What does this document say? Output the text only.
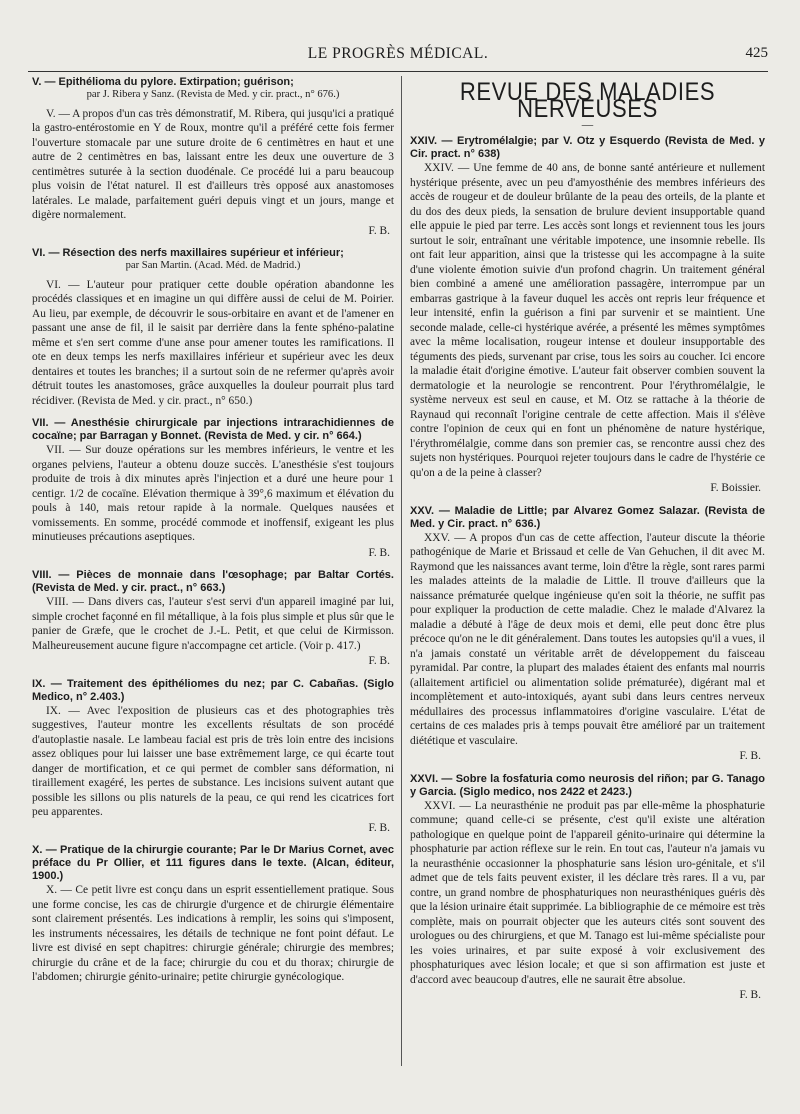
LE PROGRÈS MÉDICAL.	425
V. — Epithélioma du pylore. Extirpation; guérison;
par J. Ribera y Sanz. (Revista de Med. y cir. pract., n° 676.)

V. — A propos d'un cas très démonstratif, M. Ribera, qui jusqu'ici a pratiqué la gastro-entérostomie en Y de Roux, montre qu'il a préféré cette fois fermer l'ouverture stomacale par une suture droite de 6 centimètres en haut et une autre de 2 centimètres en bas, laissant entre les deux une ouverture de 3 centimètres suturée à la section duodénale. Ce procédé lui a paru beaucoup plus voisin de l'état naturel. Il est d'ailleurs très opposé aux anastomoses latérales. Le malade, parfaitement guéri depuis vingt et un jours, mange et digère normalement.

F. B.
VI. — Résection des nerfs maxillaires supérieur et inférieur;
par San Martin. (Acad. Méd. de Madrid.)

VI. — L'auteur pour pratiquer cette double opération abandonne les procédés classiques et en imagine un qui diffère aussi de celui de M. Poirier. Au lieu, par exemple, de découvrir le sous-orbitaire en avant et de l'amener en passant une anse de fil, il le saisit par derrière dans la fente sphéno-palatine même et s'en sert comme d'une anse pour amener toutes les ramifications. Il ote en deux temps les nerfs maxillaires inférieur et supérieur avec les deux dentaires et toutes les branches; il a surtout soin de ne refermer qu'après avoir détruit toutes les anastomoses, grâce auxquelles la douleur pourrait plus tard récidiver. (Revista de Med. y cir. pract., n° 650.)

VII. — Anesthésie chirurgicale par injections intrarachidiennes de cocaïne; par Barragan y Bonnet. (Revista de Med. y cir. n° 664.)

VII. — Sur douze opérations sur les membres inférieurs, le ventre et les organes pelviens, l'auteur a obtenu douze succès. L'anesthésie s'est toujours produite de trois à dix minutes après l'injection et a duré une heure pour 1 centigr. 1/2 de cocaïne. Elévation thermique à 39°,6 maximum et élévation du pouls à 140, mais retour rapide à la normale. Quelques nausées et vomissements. En somme, procédé commode et inoffensif, exigeant les plus minutieuses précautions aseptiques.

F. B.
VIII. — Pièces de monnaie dans l'œsophage; par Baltar Cortés. (Revista de Med. y cir. pract., n° 663.)

VIII. — Dans divers cas, l'auteur s'est servi d'un appareil imaginé par lui, simple crochet façonné en fil métallique, à la fois plus simple et plus sûr que le panier de Græfe, que le crochet de J.-L. Petit, et que celui de Kirmisson. Malheureusement aucune figure n'accompagne cet article. (Voir p. 417.)

F. B.
IX. — Traitement des épithéliomes du nez; par C. Cabañas. (Siglo Medico, n° 2.403.)

IX. — Avec l'exposition de plusieurs cas et des photographies très suggestives, l'auteur montre les excellents résultats de son procédé d'autoplastie nasale. Le lambeau facial est pris de très loin entre des incisions assez obliques pour lui laisser une base extrêmement large, ce qui écarte tout danger de mortification, et ce qui permet de combler sans déformation, ni tiraillement exagéré, les pertes de substance. Les incisions suivent autant que possible les sillons ou plis naturels de la peau, ce qui rend les cicatrices fort peu apparentes.

F. B.
X. — Pratique de la chirurgie courante; Par le Dr Marius Cornet, avec préface du Pr Ollier, et 111 figures dans le texte. (Alcan, éditeur, 1900.)

X. — Ce petit livre est conçu dans un esprit essentiellement pratique. Sous une forme concise, les cas de chirurgie d'urgence et de chirurgie élémentaire sont clairement présentés. Les indications à remplir, les soins qui s'imposent, les instruments nécessaires, les détails de technique ne font point défaut. Le livre est divisé en sept chapitres: chirurgie générale; chirurgie des membres; chirurgie du crâne et de la face; chirurgie du cou et du thorax; chirurgie de l'abdomen; chirurgie génito-urinaire; petite chirurgie gynécologique.

REVUE DES MALADIES NERVEUSES
—
XXIV. — Erytromélalgie; par V. Otz y Esquerdo (Revista de Med. y Cir. pract. n° 638)

XXIV. — Une femme de 40 ans, de bonne santé antérieure et nullement hystérique présente, avec un peu d'amyosthénie des membres inférieurs des accès de rougeur et de douleur brûlante de la peau des orteils, de la plante et du dos des deux pieds, la sensation de brulure devient insupportable quand elle appuie le pied par terre. Les accès sont longs et reviennent tous les jours surtout le soir, entraînant une véritable impotence, une insomnie rebelle. Ils ont fait leur apparition, ainsi que la tristesse qui les accompagne à la suite d'une violente émotion suivie d'un profond chagrin. Un traitement général bien combiné a amené une amélioration passagère, interrompue par un embarras gastrique à la faveur duquel les accès ont repris leur fréquence et leur intensité, enfin la guérison a fini par survenir et se maintient. Une seconde malade, celle-ci hystérique avérée, a présenté les mêmes symptômes avec la même localisation, rougeur intense et douleur insupportable des téguments des pieds, survenant par crise, tous les soirs au coucher. Ici encore la maladie était d'origine émotive. L'auteur fait observer combien souvent la dermatologie et la neurologie se rencontrent. Pour l'érythromélalgie, le système nerveux est seul en cause, et M. Otz se rattache à la théorie de Raynaud qui reconnaît l'origine centrale de cette affection. Mais il s'élève contre l'opinion de ceux qui en font un phénomène de nature hystérique, l'érythromélalgie, comme dans son premier cas, se rencontre aussi chez des sujets non hystériques. Pourquoi rejeter toujours dans le cadre de l'hystérie ce qu'on a de la peine à classer?

F. Boissier.
XXV. — Maladie de Little; par Alvarez Gomez Salazar. (Revista de Med. y Cir. pract. n° 636.)

XXV. — A propos d'un cas de cette affection, l'auteur discute la théorie pathogénique de Marie et Brissaud et celle de Van Gehuchen, il dit avec M. Raymond que les naissances avant terme, loin d'être la règle, sont rares parmi les malades atteints de la maladie de Little. Il trouve d'ailleurs que la naissance prématurée quelque ingénieuse qu'en soit la théorie, ne suffit pas pour expliquer la production de cette maladie. Chez le malade d'Alvarez la maladie a débuté à l'âge de deux mois et demi, elle peut donc être plus précoce qu'on ne le dit généralement. Dans toutes les autopsies qu'il a vues, il n'a jamais constaté un véritable arrêt de développement du faisceau pyramidal. Par contre, la plupart des malades étaient des enfants mal nourris (allaitement artificiel ou alimentation solide prématurée), digérant mal et incomplètement et auto-intoxiqués, ayant subi dans leurs centres nerveux médullaires des processus inflammatoires d'origine vasculaire. L'état de certains de ces malades pris à temps pouvait être amélioré par un traitement diététique et vasculaire.

F. B.
XXVI. — Sobre la fosfaturia como neurosis del riñon; par G. Tanago y Garcia. (Siglo medico, nos 2422 et 2423.)

XXVI. — La neurasthénie ne produit pas par elle-même la phosphaturie commune; quand celle-ci se présente, c'est qu'il existe une altération pathologique en quelque point de l'appareil génito-urinaire qui détermine la phosphaturie par action réflexe sur le rein. En tout cas, l'auteur n'a jamais vu la neurasthénie occasionner la phosphaturie sans lésion uro-génitale, et s'il admet que de tels faits peuvent exister, il les déclare très rares. Il a vu, par contre, un grand nombre de phosphaturiques non neurasthéniques guéris dès que la lésion urinaire était supprimée. La bibliographie de ce mémoire est très complète, mais on pourrait objecter que les auteurs cités sont souvent des urologues ou des chirurgiens, et que M. Tanago est lui-même spécialiste pour les voies urinaires, et par suite exposé à voir exclusivement des phosphaturiques avec lésion locale; et que si son affirmation est juste et d'accord avec beaucoup d'autres, elle ne saurait être absolue.

F. B.
